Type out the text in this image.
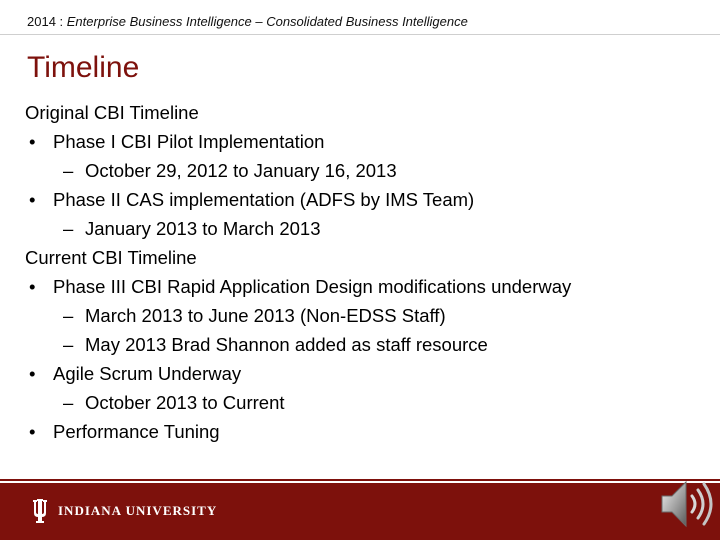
2014 : Enterprise Business Intelligence – Consolidated Business Intelligence
Timeline
Original CBI Timeline
• Phase I CBI Pilot Implementation
– October 29, 2012 to January 16, 2013
• Phase II CAS implementation (ADFS by IMS Team)
– January 2013 to March 2013
Current CBI Timeline
• Phase III CBI Rapid Application Design modifications underway
– March 2013 to June 2013 (Non-EDSS Staff)
– May 2013 Brad Shannon added as staff resource
• Agile Scrum Underway
– October 2013 to Current
• Performance Tuning
INDIANA UNIVERSITY
